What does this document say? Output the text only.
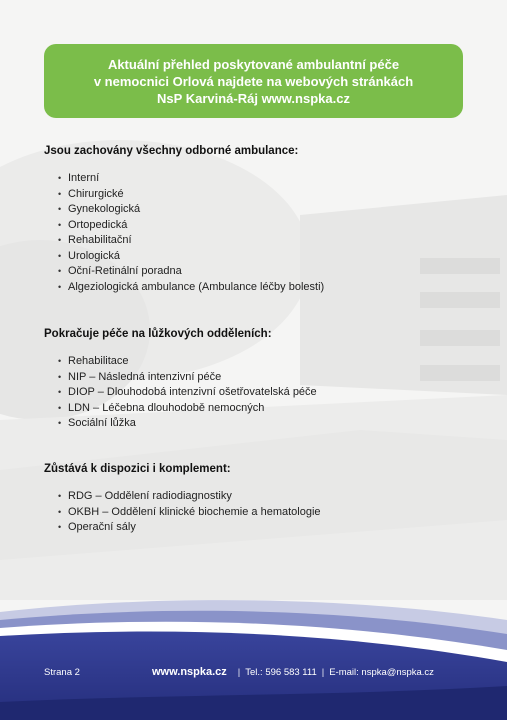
Aktuální přehled poskytované ambulantní péče
v nemocnici Orlová najdete na webových stránkách
NsP Karviná-Ráj www.nspka.cz
Jsou zachovány všechny odborné ambulance:
• Interní
• Chirurgické
• Gynekologická
• Ortopedická
• Rehabilitační
• Urologická
• Oční-Retinální poradna
• Algeziologická ambulance (Ambulance léčby bolesti)
Pokračuje péče na lůžkových odděleních:
• Rehabilitace
• NIP – Následná intenzivní péče
• DIOP – Dlouhodobá intenzivní ošetřovatelská péče
• LDN – Léčebna dlouhodobě nemocných
• Sociální lůžka
Zůstává k dispozici i komplement:
• RDG – Oddělení radiodiagnostiky
• OKBH – Oddělení klinické biochemie a hematologie
• Operační sály
Strana 2	www.nspka.cz | Tel.: 596 583 111 | E-mail: nspka@nspka.cz
